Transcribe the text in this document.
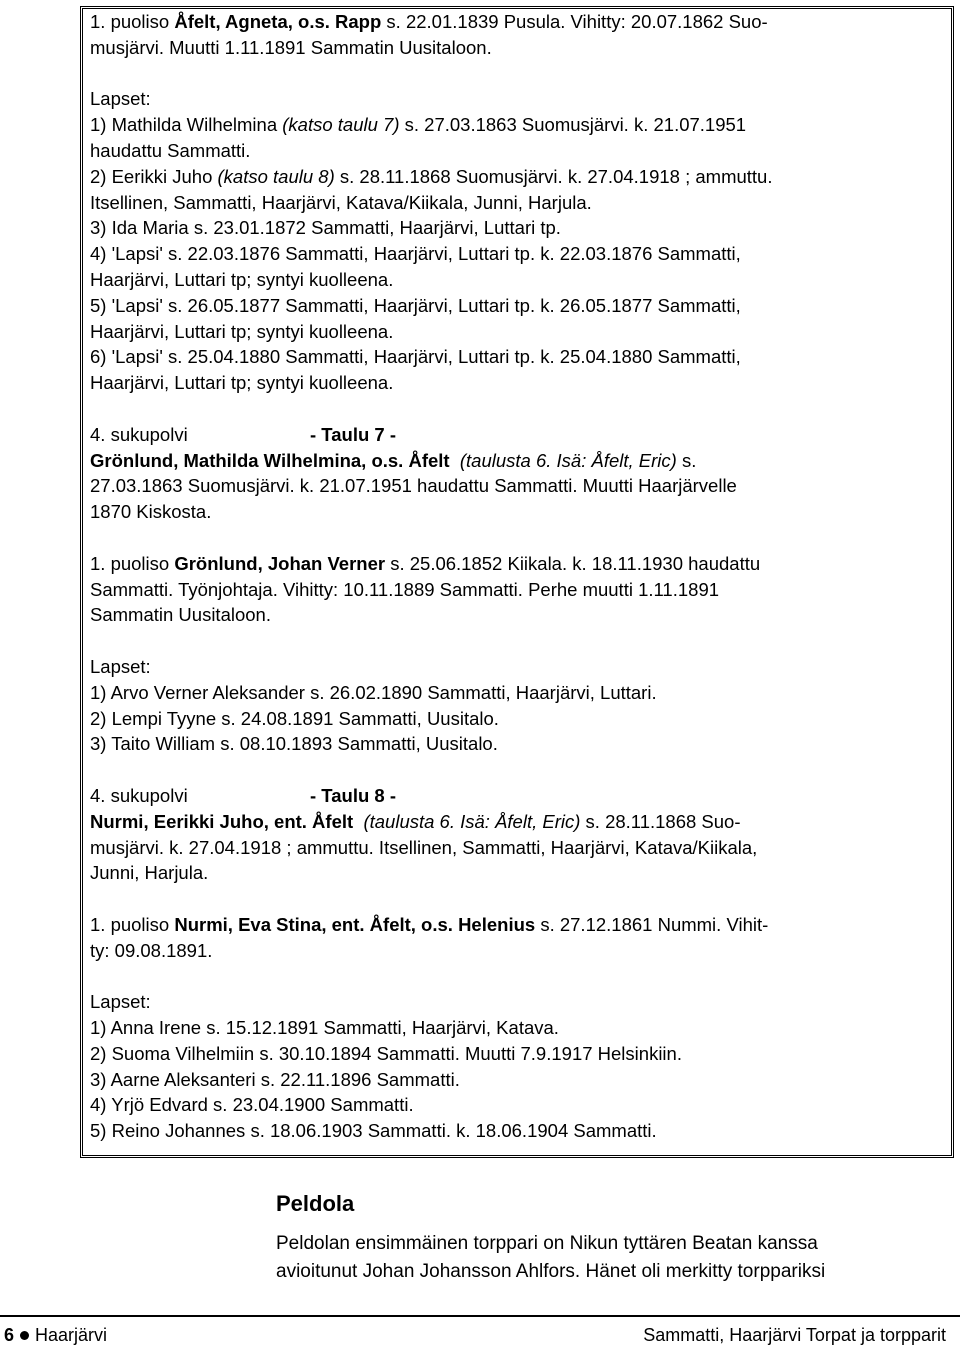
1. puoliso Åfelt, Agneta, o.s. Rapp s. 22.01.1839 Pusula. Vihitty: 20.07.1862 Suo-
musjärvi. Muutti 1.11.1891 Sammatin Uusitaloon.
Lapset:
1) Mathilda Wilhelmina (katso taulu 7) s. 27.03.1863 Suomusjärvi. k. 21.07.1951
haudattu Sammatti.
2) Eerikki Juho (katso taulu 8) s. 28.11.1868 Suomusjärvi. k. 27.04.1918 ; ammuttu.
Itsellinen, Sammatti, Haarjärvi, Katava/Kiikala, Junni, Harjula.
3) Ida Maria s. 23.01.1872 Sammatti, Haarjärvi, Luttari tp.
4) 'Lapsi' s. 22.03.1876 Sammatti, Haarjärvi, Luttari tp. k. 22.03.1876 Sammatti,
Haarjärvi, Luttari tp; syntyi kuolleena.
5) 'Lapsi' s. 26.05.1877 Sammatti, Haarjärvi, Luttari tp. k. 26.05.1877 Sammatti,
Haarjärvi, Luttari tp; syntyi kuolleena.
6) 'Lapsi' s. 25.04.1880 Sammatti, Haarjärvi, Luttari tp. k. 25.04.1880 Sammatti,
Haarjärvi, Luttari tp; syntyi kuolleena.
4. sukupolvi	- Taulu 7 -
Grönlund, Mathilda Wilhelmina, o.s. Åfelt (taulusta 6. Isä: Åfelt, Eric) s.
27.03.1863 Suomusjärvi. k. 21.07.1951 haudattu Sammatti. Muutti Haarjärvelle
1870 Kiskosta.
1. puoliso Grönlund, Johan Verner s. 25.06.1852 Kiikala. k. 18.11.1930 haudattu
Sammatti. Työnjohtaja. Vihitty: 10.11.1889 Sammatti. Perhe muutti 1.11.1891
Sammatin Uusitaloon.
Lapset:
1) Arvo Verner Aleksander s. 26.02.1890 Sammatti, Haarjärvi, Luttari.
2) Lempi Tyyne s. 24.08.1891 Sammatti, Uusitalo.
3) Taito William s. 08.10.1893 Sammatti, Uusitalo.
4. sukupolvi	- Taulu 8 -
Nurmi, Eerikki Juho, ent. Åfelt (taulusta 6. Isä: Åfelt, Eric) s. 28.11.1868 Suo-
musjärvi. k. 27.04.1918 ; ammuttu. Itsellinen, Sammatti, Haarjärvi, Katava/Kiikala,
Junni, Harjula.
1. puoliso Nurmi, Eva Stina, ent. Åfelt, o.s. Helenius s. 27.12.1861 Nummi. Vihit-
ty: 09.08.1891.
Lapset:
1) Anna Irene s. 15.12.1891 Sammatti, Haarjärvi, Katava.
2) Suoma Vilhelmiin s. 30.10.1894 Sammatti. Muutti 7.9.1917 Helsinkiin.
3) Aarne Aleksanteri s. 22.11.1896 Sammatti.
4) Yrjö Edvard s. 23.04.1900 Sammatti.
5) Reino Johannes s. 18.06.1903 Sammatti. k. 18.06.1904 Sammatti.
Peldola
Peldolan ensimmäinen torppari on Nikun tyttären Beatan kanssa
avioitunut Johan Johansson Ahlfors. Hänet oli merkitty torppariksi
6 Haarjärvi	Sammatti, Haarjärvi Torpat ja torpparit
